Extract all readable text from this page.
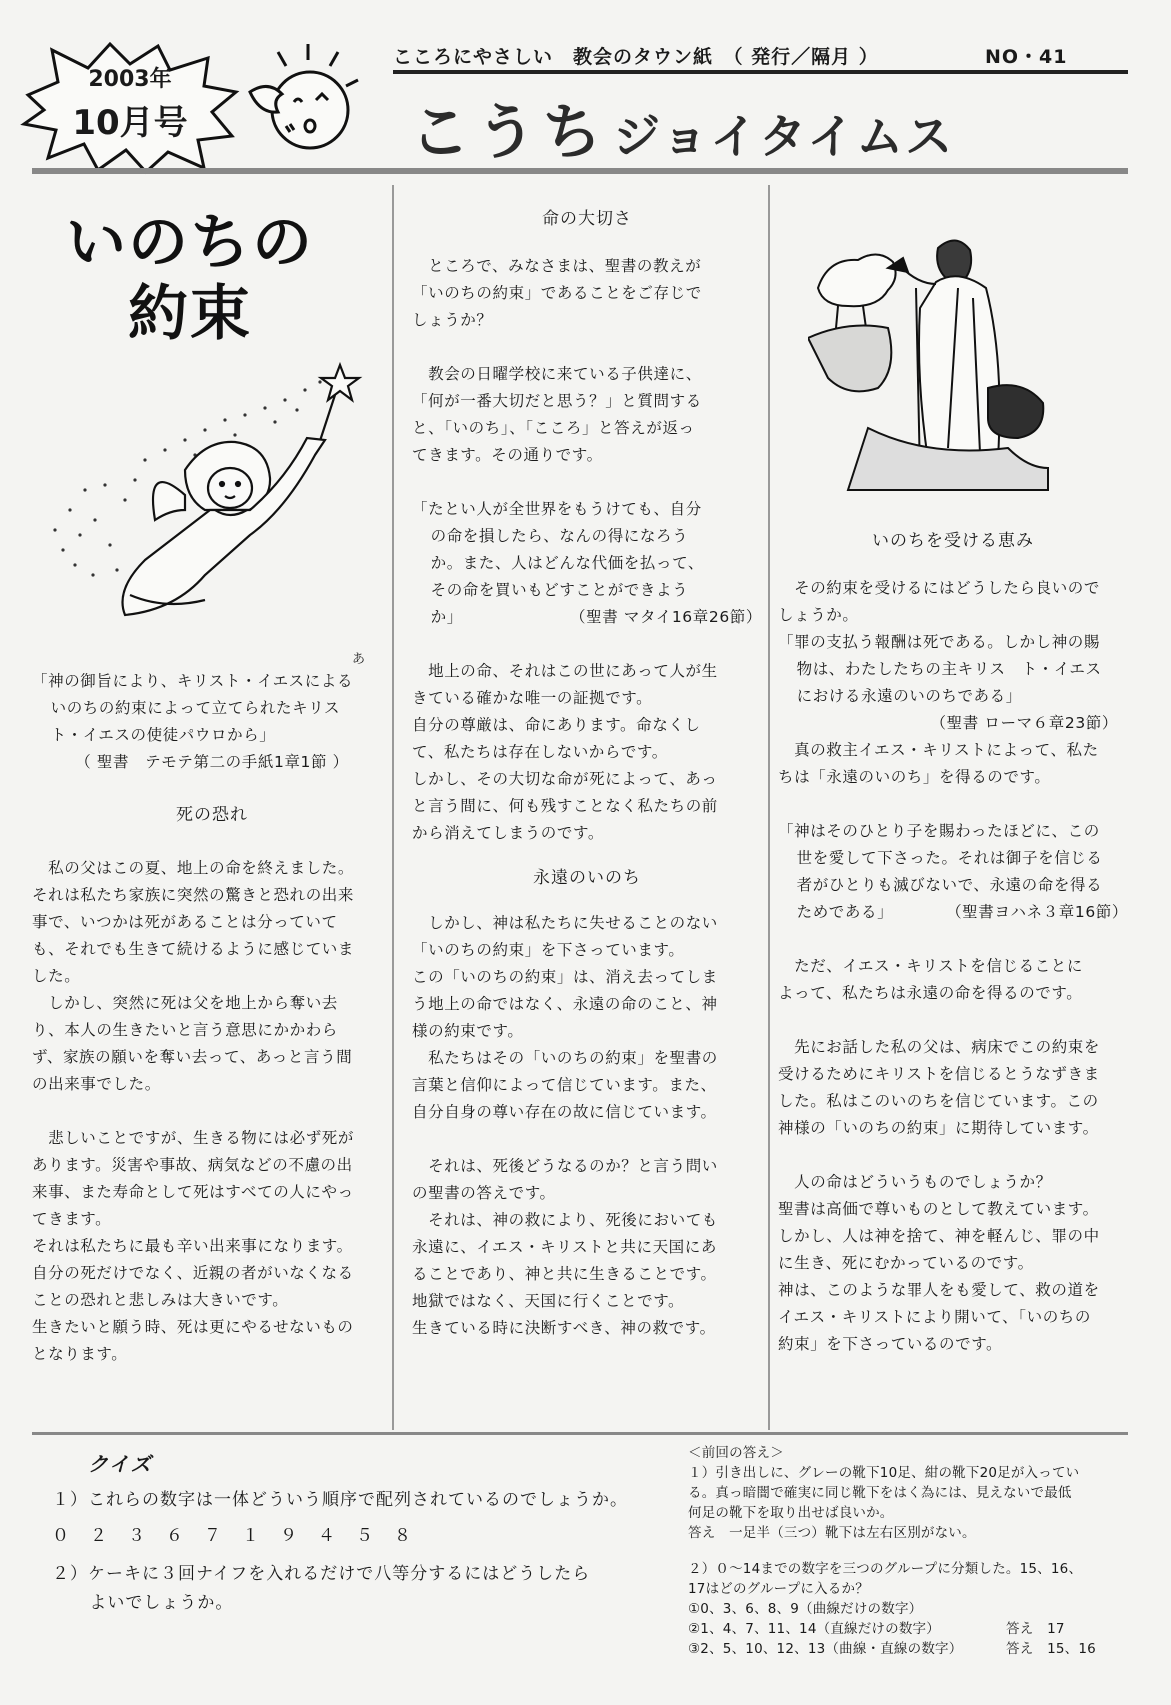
2003年
10月号
こころにやさしい　教会のタウン紙　（ 発行／隔月 ）	NO・41
こうち ジョイタイムス
いのちの
約束
あ

「神の御旨により、キリスト・イエスによる

いのちの約束によって立てられたキリス

ト・イエスの使徒パウロから」

（ 聖書　テモテ第二の手紙1章1節 ）

死の恐れ

　私の父はこの夏、地上の命を終えました。

それは私たち家族に突然の驚きと恐れの出来

事で、いつかは死があることは分っていて

も、それでも生きて続けるように感じていま

した。

　しかし、突然に死は父を地上から奪い去

り、本人の生きたいと言う意思にかかわら

ず、家族の願いを奪い去って、あっと言う間

の出来事でした。

　悲しいことですが、生きる物には必ず死が

あります。災害や事故、病気などの不慮の出

来事、また寿命として死はすべての人にやっ

てきます。

それは私たちに最も辛い出来事になります。

自分の死だけでなく、近親の者がいなくなる

ことの恐れと悲しみは大きいです。

生きたいと願う時、死は更にやるせないもの

となります。

命の大切さ

　ところで、みなさまは、聖書の教えが

「いのちの約束」であることをご存じで

しょうか？

　教会の日曜学校に来ている子供達に、

「何が一番大切だと思う？」と質問する

と、「いのち」、「こころ」と答えが返っ

てきます。その通りです。

「たとい人が全世界をもうけても、自分

の命を損したら、なんの得になろう

か。また、人はどんな代価を払って、

その命を買いもどすことができよう

か」	（聖書 マタイ16章26節）

　地上の命、それはこの世にあって人が生

きている確かな唯一の証拠です。

自分の尊厳は、命にあります。命なくし

て、私たちは存在しないからです。

しかし、その大切な命が死によって、あっ

と言う間に、何も残すことなく私たちの前

から消えてしまうのです。

永遠のいのち

　しかし、神は私たちに失せることのない

「いのちの約束」を下さっています。

この「いのちの約束」は、消え去ってしま

う地上の命ではなく、永遠の命のこと、神

様の約束です。

　私たちはその「いのちの約束」を聖書の

言葉と信仰によって信じています。また、

自分自身の尊い存在の故に信じています。

　それは、死後どうなるのか？と言う問い

の聖書の答えです。

　それは、神の救により、死後においても

永遠に、イエス・キリストと共に天国にあ

ることであり、神と共に生きることです。

地獄ではなく、天国に行くことです。

生きている時に決断すべき、神の救です。

いのちを受ける恵み

　その約束を受けるにはどうしたら良いので

しょうか。

「罪の支払う報酬は死である。しかし神の賜

物は、わたしたちの主キリス　ト・イエス

における永遠のいのちである」

（聖書 ローマ６章23節）

　真の救主イエス・キリストによって、私た

ちは「永遠のいのち」を得るのです。

「神はそのひとり子を賜わったほどに、この

世を愛して下さった。それは御子を信じる

者がひとりも滅びないで、永遠の命を得る

ためである」	（聖書ヨハネ３章16節）

　ただ、イエス・キリストを信じることに

よって、私たちは永遠の命を得るのです。

　先にお話した私の父は、病床でこの約束を

受けるためにキリストを信じるとうなずきま

した。私はこのいのちを信じています。この

神様の「いのちの約束」に期待しています。

　人の命はどういうものでしょうか？

聖書は高価で尊いものとして教えています。

しかし、人は神を捨て、神を軽んじ、罪の中

に生き、死にむかっているのです。

神は、このような罪人をも愛して、救の道を

イエス・キリストにより開いて、「いのちの

約束」を下さっているのです。

クイズ
１）これらの数字は一体どういう順序で配列されているのでしょうか。
０　２　３　６　７　１　９　４　５　８

２）ケーキに３回ナイフを入れるだけで八等分するにはどうしたら

よいでしょうか。

＜前回の答え＞

１）引き出しに、グレーの靴下10足、紺の靴下20足が入ってい

る。真っ暗闇で確実に同じ靴下をはく為には、見えないで最低

何足の靴下を取り出せば良いか。

答え　一足半（三つ）靴下は左右区別がない。

２）０～14までの数字を三つのグループに分類した。15、16、

17はどのグループに入るか？

①0、3、6、8、9（曲線だけの数字）

②1、4、7、11、14（直線だけの数字）	答え　17

③2、5、10、12、13（曲線・直線の数字）	答え　15、16
